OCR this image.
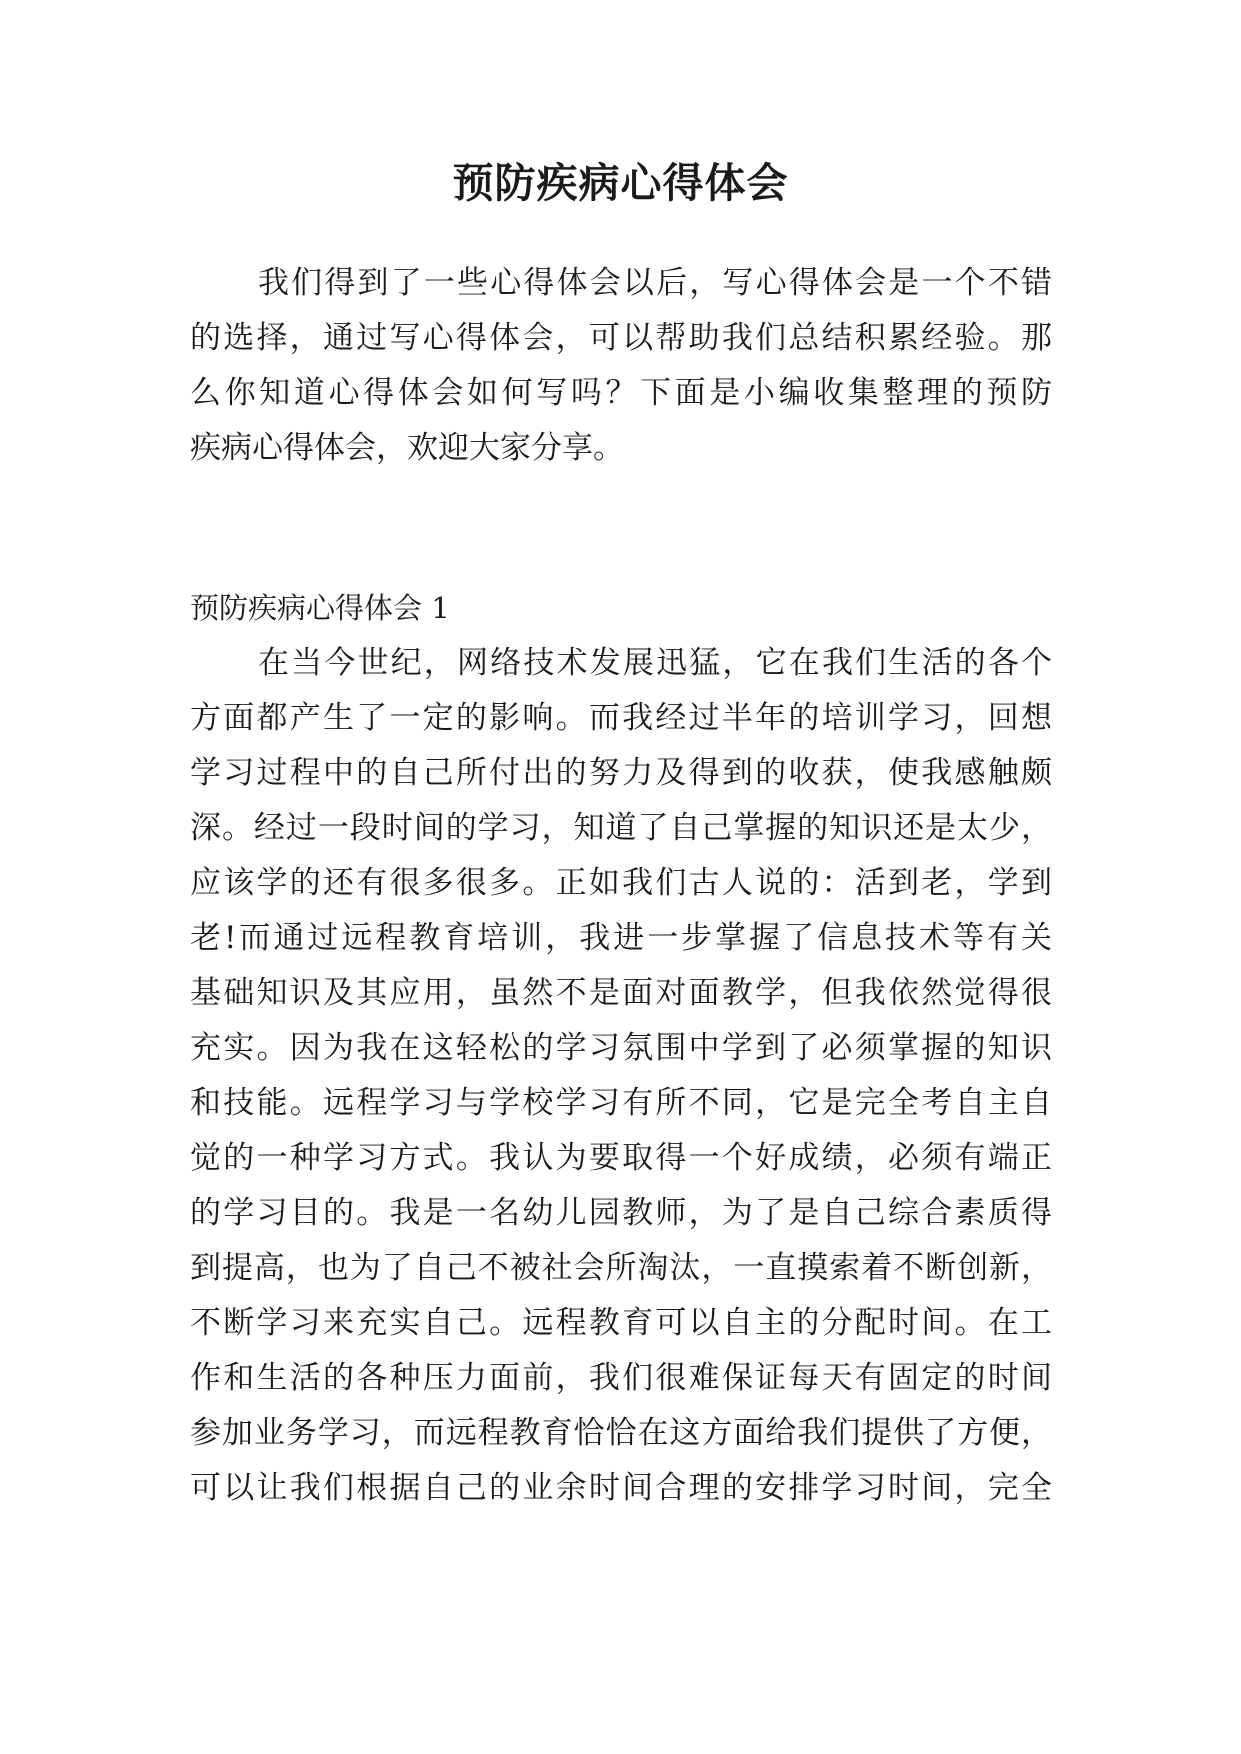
预防疾病心得体会

我们得到了一些心得体会以后，写心得体会是一个不错

的选择，通过写心得体会，可以帮助我们总结积累经验。那

么你知道心得体会如何写吗？下面是小编收集整理的预防

疾病心得体会，欢迎大家分享。

预防疾病心得体会 1

在当今世纪，网络技术发展迅猛，它在我们生活的各个

方面都产生了一定的影响。而我经过半年的培训学习，回想

学习过程中的自己所付出的努力及得到的收获，使我感触颇

深。经过一段时间的学习，知道了自己掌握的知识还是太少，

应该学的还有很多很多。正如我们古人说的：活到老，学到

老!而通过远程教育培训，我进一步掌握了信息技术等有关

基础知识及其应用，虽然不是面对面教学，但我依然觉得很

充实。因为我在这轻松的学习氛围中学到了必须掌握的知识

和技能。远程学习与学校学习有所不同，它是完全考自主自

觉的一种学习方式。我认为要取得一个好成绩，必须有端正

的学习目的。我是一名幼儿园教师，为了是自己综合素质得

到提高，也为了自己不被社会所淘汰，一直摸索着不断创新，

不断学习来充实自己。远程教育可以自主的分配时间。在工

作和生活的各种压力面前，我们很难保证每天有固定的时间

参加业务学习，而远程教育恰恰在这方面给我们提供了方便，

可以让我们根据自己的业余时间合理的安排学习时间，完全
